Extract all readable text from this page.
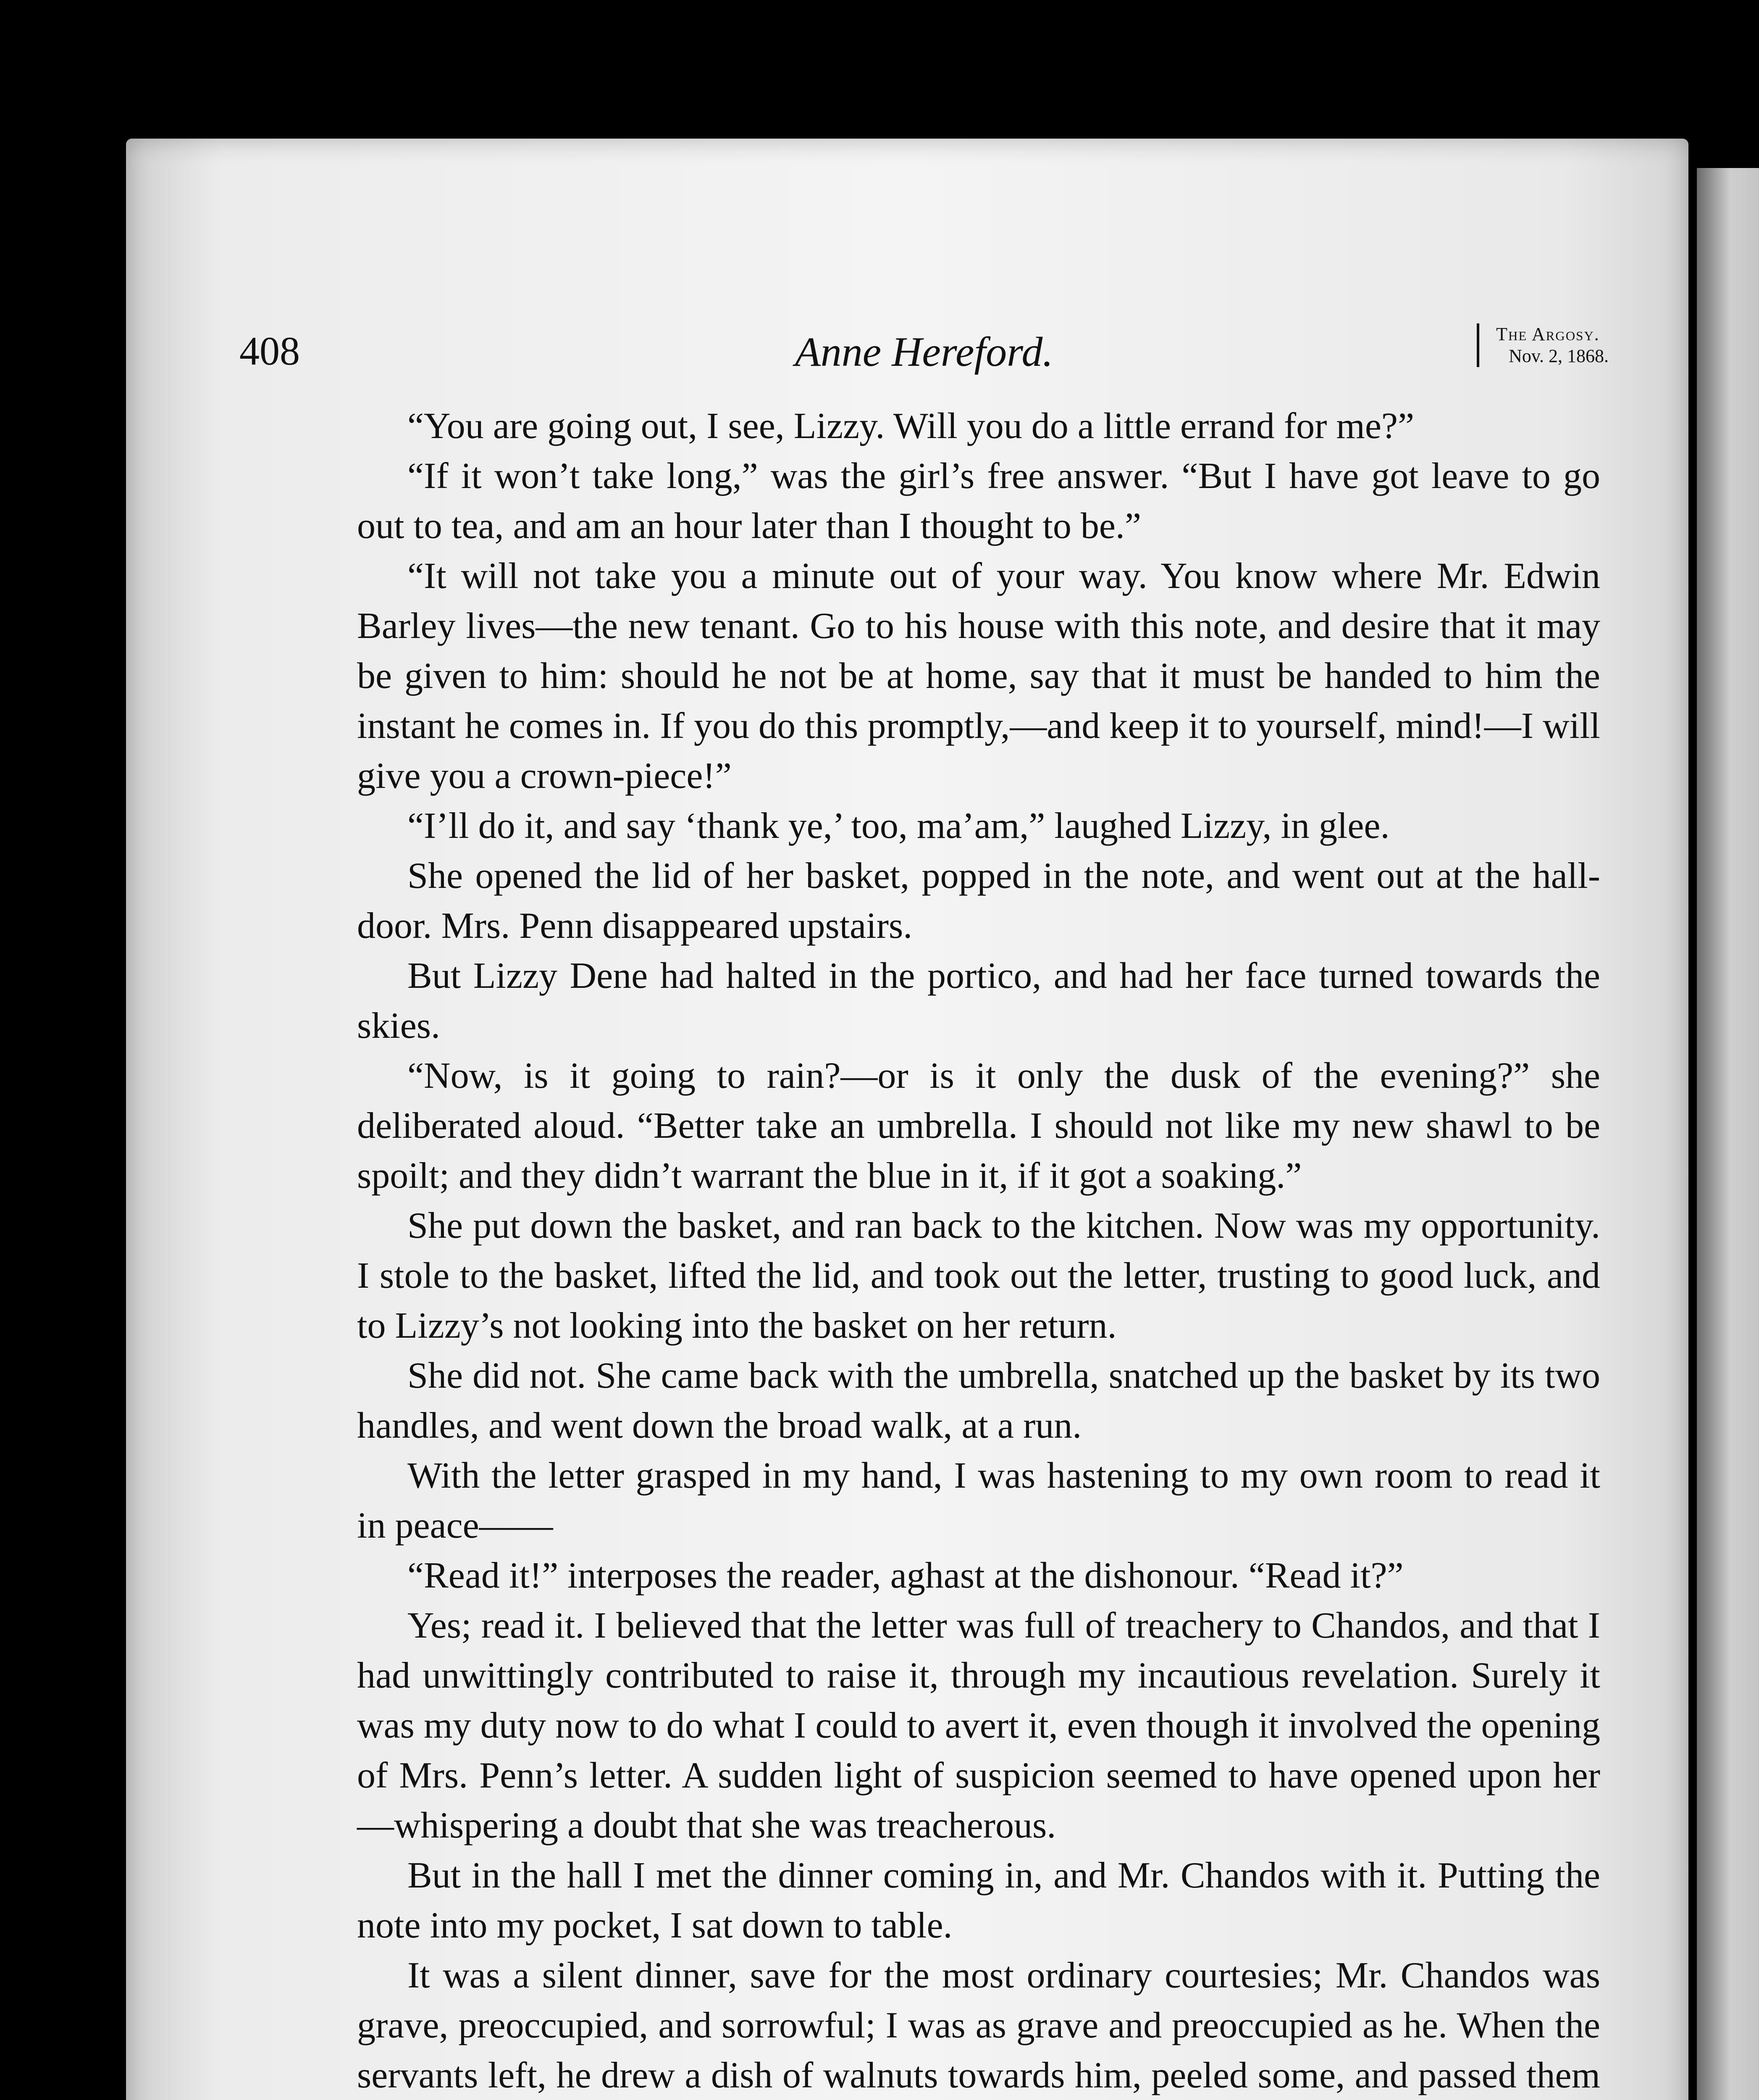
408	Anne Hereford.	The Argosy.
Nov. 2, 1868.

“You are going out, I see, Lizzy. Will you do a little errand for me?”

“If it won’t take long,” was the girl’s free answer. “But I have got leave to go out to tea, and am an hour later than I thought to be.”

“It will not take you a minute out of your way. You know where Mr. Edwin Barley lives—the new tenant. Go to his house with this note, and desire that it may be given to him: should he not be at home, say that it must be handed to him the instant he comes in. If you do this promptly,—and keep it to yourself, mind!—I will give you a crown-piece!”

“I’ll do it, and say ‘thank ye,’ too, ma’am,” laughed Lizzy, in glee.

She opened the lid of her basket, popped in the note, and went out at the hall-door. Mrs. Penn disappeared upstairs.

But Lizzy Dene had halted in the portico, and had her face turned towards the skies.

“Now, is it going to rain?—or is it only the dusk of the evening?” she deliberated aloud. “Better take an umbrella. I should not like my new shawl to be spoilt; and they didn’t warrant the blue in it, if it got a soaking.”

She put down the basket, and ran back to the kitchen. Now was my opportunity. I stole to the basket, lifted the lid, and took out the letter, trusting to good luck, and to Lizzy’s not looking into the basket on her return.

She did not. She came back with the umbrella, snatched up the basket by its two handles, and went down the broad walk, at a run.

With the letter grasped in my hand, I was hastening to my own room to read it in peace——

“Read it!” interposes the reader, aghast at the dishonour. “Read it?”

Yes; read it. I believed that the letter was full of treachery to Chandos, and that I had unwittingly contributed to raise it, through my incautious revelation. Surely it was my duty now to do what I could to avert it, even though it involved the opening of Mrs. Penn’s letter. A sudden light of suspicion seemed to have opened upon her—whispering a doubt that she was treacherous.

But in the hall I met the dinner coming in, and Mr. Chandos with it. Putting the note into my pocket, I sat down to table.

It was a silent dinner, save for the most ordinary courtesies; Mr. Chandos was grave, preoccupied, and sorrowful; I was as grave and preoccupied as he. When the servants left, he drew a dish of walnuts towards him, peeled some, and passed them
